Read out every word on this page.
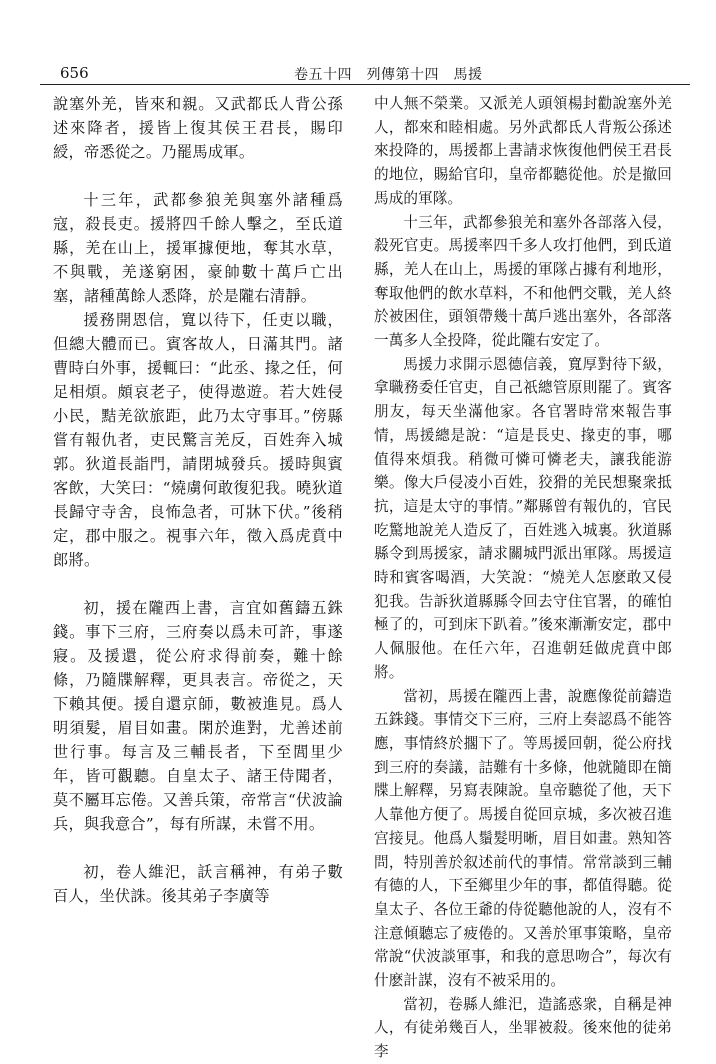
656	卷五十四　列傳第十四　馬援

說塞外羌，皆來和親。又武都氐人背公孫述來降者，援皆上復其侯王君長，賜印綬，帝悉從之。乃罷馬成軍。

十三年，武都參狼羌與塞外諸種爲寇，殺長吏。援將四千餘人擊之，至氐道縣，羌在山上，援軍據便地，奪其水草，不與戰，羌遂窮困，豪帥數十萬戶亡出塞，諸種萬餘人悉降，於是隴右清靜。

援務開恩信，寬以待下，任吏以職，但總大體而已。賓客故人，日滿其門。諸曹時白外事，援輒曰：“此丞、掾之任，何足相煩。頗哀老子，使得遨遊。若大姓侵小民，黠羌欲旅距，此乃太守事耳。”傍縣嘗有報仇者，吏民驚言羌反，百姓奔入城郭。狄道長詣門，請閉城發兵。援時與賓客飲，大笑曰：“燒虜何敢復犯我。曉狄道長歸守寺舍，良怖急者，可牀下伏。”後稍定，郡中服之。視事六年，徵入爲虎賁中郎將。

初，援在隴西上書，言宜如舊鑄五銖錢。事下三府，三府奏以爲未可許，事遂寢。及援還，從公府求得前奏，難十餘條，乃隨牒解釋，更具表言。帝從之，天下賴其便。援自還京師，數被進見。爲人明須髮，眉目如畫。閑於進對，尤善述前世行事。每言及三輔長者，下至閭里少年，皆可觀聽。自皇太子、諸王侍聞者，莫不屬耳忘倦。又善兵策，帝常言“伏波論兵，與我意合”，每有所謀，未嘗不用。

初，卷人維汜，訞言稱神，有弟子數百人，坐伏誅。後其弟子李廣等

中人無不榮業。又派羌人頭領楊封勸說塞外羌人，都來和睦相處。另外武都氐人背叛公孫述來投降的，馬援都上書請求恢復他們侯王君長的地位，賜給官印，皇帝都聽從他。於是撤回馬成的軍隊。

十三年，武都參狼羌和塞外各部落入侵，殺死官吏。馬援率四千多人攻打他們，到氐道縣，羌人在山上，馬援的軍隊占據有利地形，奪取他們的飲水草料，不和他們交戰，羌人終於被困住，頭領帶幾十萬戶逃出塞外，各部落一萬多人全投降，從此隴右安定了。

馬援力求開示恩德信義，寬厚對待下級，拿職務委任官吏，自己祇總管原則罷了。賓客朋友，每天坐滿他家。各官署時常來報告事情，馬援總是說：“這是長史、掾吏的事，哪值得來煩我。稍微可憐可憐老夫，讓我能游樂。像大戶侵凌小百姓，狡猾的羌民想聚衆抵抗，這是太守的事情。”鄰縣曾有報仇的，官民吃驚地說羌人造反了，百姓逃入城裏。狄道縣縣令到馬援家，請求關城門派出軍隊。馬援這時和賓客喝酒，大笑說：“燒羌人怎麽敢又侵犯我。告訴狄道縣縣令回去守住官署，的確怕極了的，可到床下趴着。”後來漸漸安定，郡中人佩服他。在任六年，召進朝廷做虎賁中郎將。

當初，馬援在隴西上書，說應像從前鑄造五銖錢。事情交下三府，三府上奏認爲不能答應，事情終於擱下了。等馬援回朝，從公府找到三府的奏議，詰難有十多條，他就隨即在簡牒上解釋，另寫表陳說。皇帝聽從了他，天下人靠他方便了。馬援自從回京城，多次被召進宫接見。他爲人鬚髮明晰，眉目如畫。熟知答問，特別善於叙述前代的事情。常常談到三輔有德的人，下至鄉里少年的事，都值得聽。從皇太子、各位王爺的侍從聽他說的人，沒有不注意傾聽忘了疲倦的。又善於軍事策略，皇帝常說“伏波談軍事，和我的意思吻合”，每次有什麽計謀，沒有不被采用的。

當初，卷縣人維汜，造謠惑衆，自稱是神人，有徒弟幾百人，坐罪被殺。後來他的徒弟李
